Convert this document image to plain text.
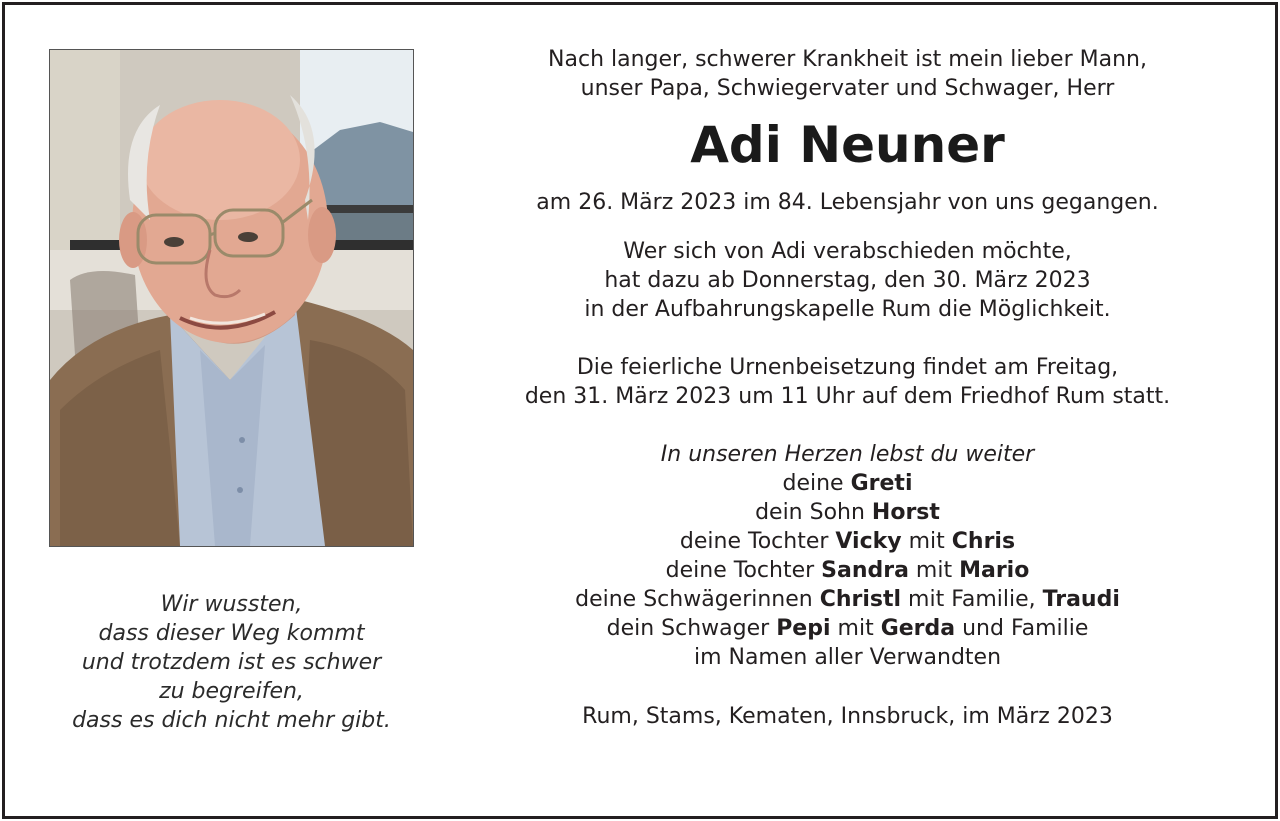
Wir wussten,
dass dieser Weg kommt
und trotzdem ist es schwer
zu begreifen,
dass es dich nicht mehr gibt.
Nach langer, schwerer Krankheit ist mein lieber Mann,
unser Papa, Schwiegervater und Schwager, Herr
Adi Neuner
am 26. März 2023 im 84. Lebensjahr von uns gegangen.
Wer sich von Adi verabschieden möchte,
hat dazu ab Donnerstag, den 30. März 2023
in der Aufbahrungskapelle Rum die Möglichkeit.
Die feierliche Urnenbeisetzung findet am Freitag,
den 31. März 2023 um 11 Uhr auf dem Friedhof Rum statt.
In unseren Herzen lebst du weiter
deine Greti
dein Sohn Horst
deine Tochter Vicky mit Chris
deine Tochter Sandra mit Mario
deine Schwägerinnen Christl mit Familie, Traudi
dein Schwager Pepi mit Gerda und Familie
im Namen aller Verwandten
Rum, Stams, Kematen, Innsbruck, im März 2023
